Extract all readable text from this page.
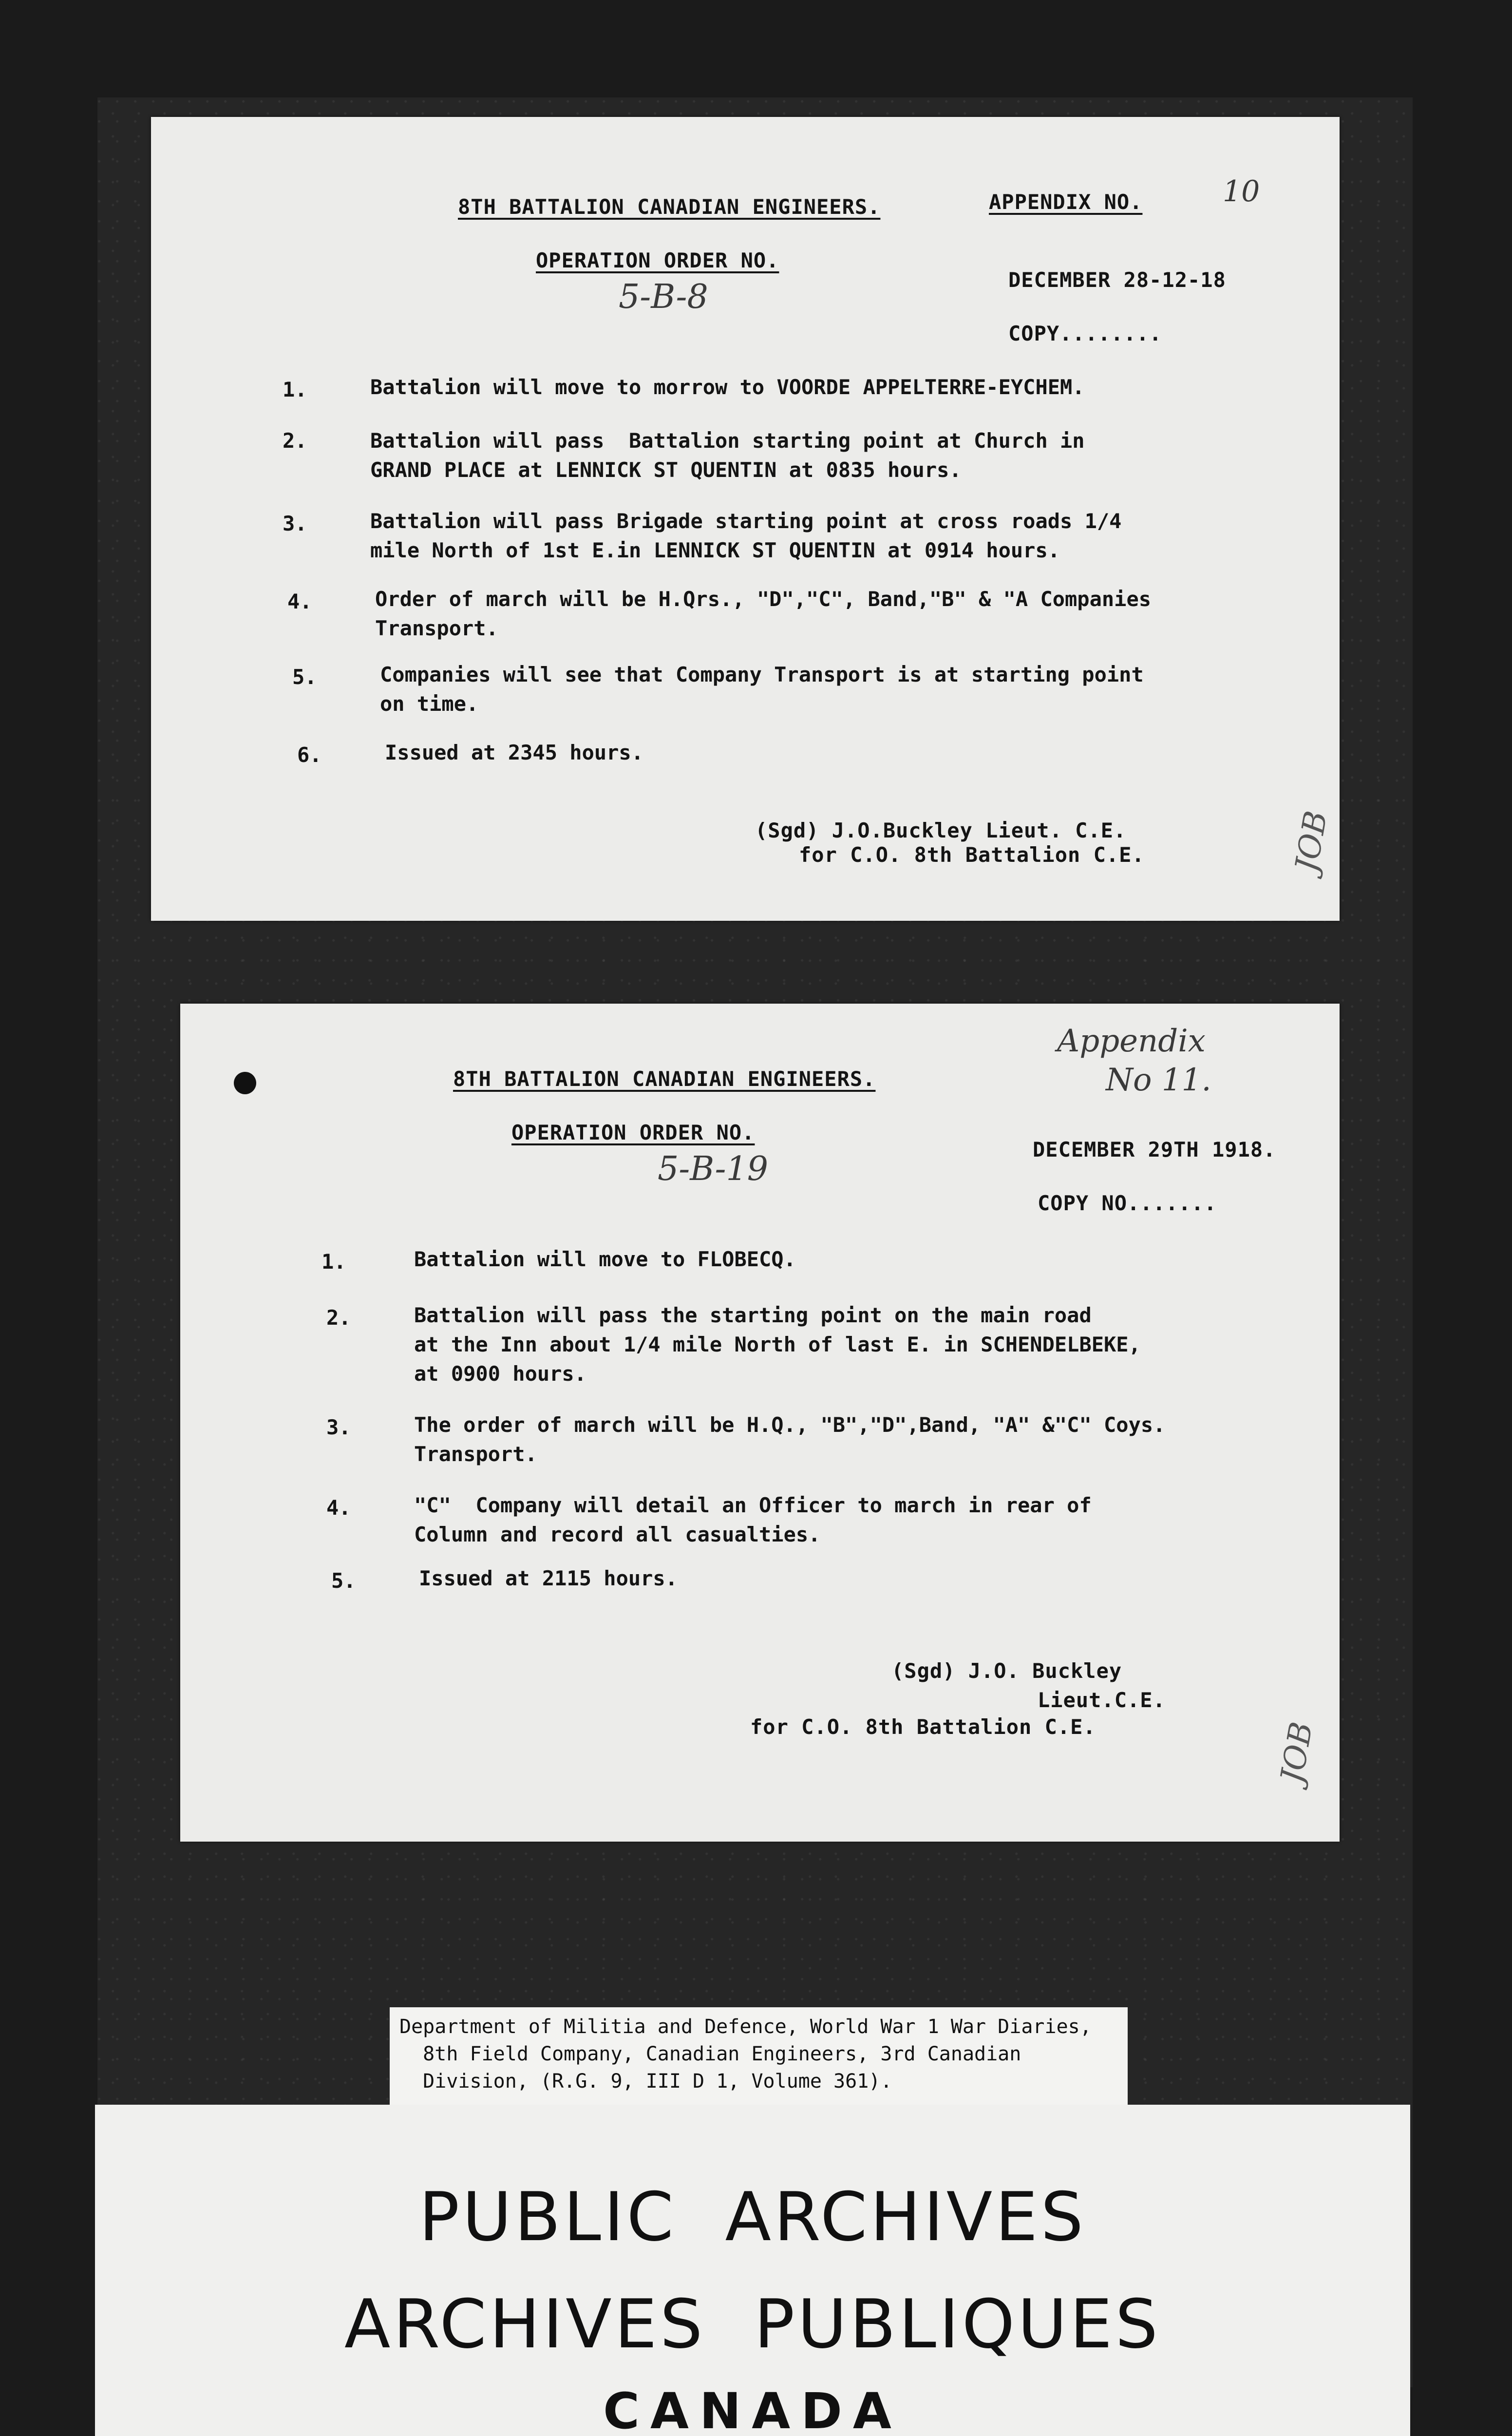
8TH BATTALION CANADIAN ENGINEERS.	APPENDIX NO.	10
OPERATION ORDER NO.
5-B-8	DECEMBER 28-12-18
COPY........
1.	Battalion will move to morrow to VOORDE APPELTERRE-EYCHEM.
2.	Battalion will pass  Battalion starting point at Church in
GRAND PLACE at LENNICK ST QUENTIN at 0835 hours.
3.	Battalion will pass Brigade starting point at cross roads 1/4
mile North of 1st E.in LENNICK ST QUENTIN at 0914 hours.
4.	Order of march will be H.Qrs., "D","C", Band,"B" & "A Companies
Transport.
5.	Companies will see that Company Transport is at starting point
on time.
6.	Issued at 2345 hours.
(Sgd) J.O.Buckley Lieut. C.E.
for C.O. 8th Battalion C.E.	JOB
8TH BATTALION CANADIAN ENGINEERS.
Appendix
No 11.
OPERATION ORDER NO.
5-B-19
DECEMBER 29TH 1918.
COPY NO.......
1.	Battalion will move to FLOBECQ.
2.	Battalion will pass the starting point on the main road
at the Inn about 1/4 mile North of last E. in SCHENDELBEKE,
at 0900 hours.
3.	The order of march will be H.Q., "B","D",Band, "A" &"C" Coys.
Transport.
4.	"C"  Company will detail an Officer to march in rear of
Column and record all casualties.
5.	Issued at 2115 hours.
(Sgd) J.O. Buckley
Lieut.C.E.
for C.O. 8th Battalion C.E.	JOB
Department of Militia and Defence, World War 1 War Diaries,
8th Field Company, Canadian Engineers, 3rd Canadian
Division, (R.G. 9, III D 1, Volume 361).
PUBLIC  ARCHIVES
ARCHIVES  PUBLIQUES
CANADA
